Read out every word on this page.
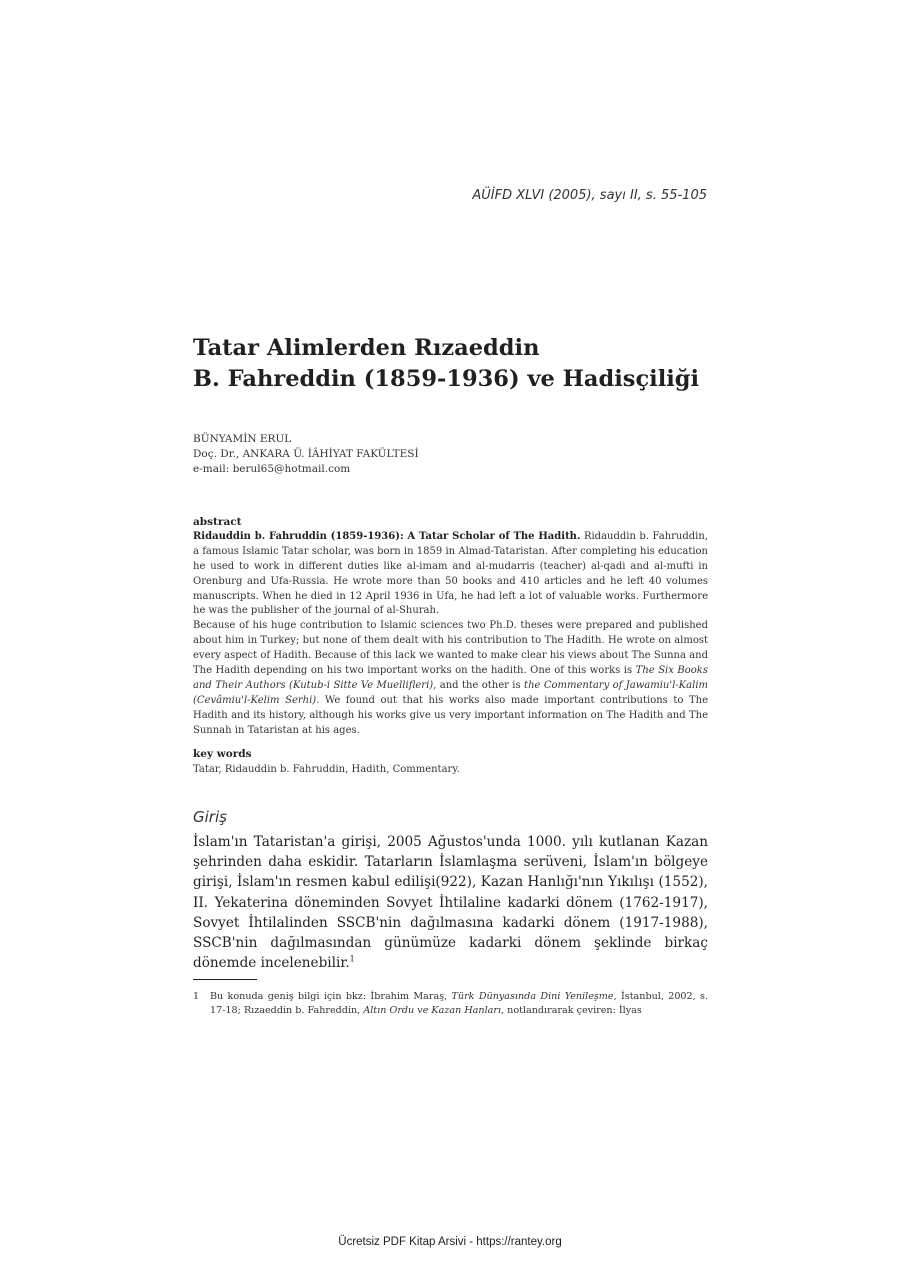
AÜİFD XLVI (2005), sayı II, s. 55-105
Tatar Alimlerden Rızaeddin
B. Fahreddin (1859-1936) ve Hadisçiliği
BÜNYAMİN ERUL
Doç. Dr., ANKARA Ü. İÂHİYAT FAKÜLTESİ
e-mail: berul65@hotmail.com
abstract

Ridauddin b. Fahruddin (1859-1936): A Tatar Scholar of The Hadith. Ridauddin b. Fahruddin, a famous Islamic Tatar scholar, was born in 1859 in Almad-Tataristan. After completing his education he used to work in different duties like al-imam and al-mudarris (teacher) al-qadi and al-mufti in Orenburg and Ufa-Russia. He wrote more than 50 books and 410 articles and he left 40 volumes manuscripts. When he died in 12 April 1936 in Ufa, he had left a lot of valuable works. Furthermore he was the publisher of the journal of al-Shurah.

Because of his huge contribution to Islamic sciences two Ph.D. theses were prepared and published about him in Turkey; but none of them dealt with his contribution to The Hadith. He wrote on almost every aspect of Hadith. Because of this lack we wanted to make clear his views about The Sunna and The Hadith depending on his two important works on the hadith. One of this works is The Six Books and Their Authors (Kutub-i Sitte Ve Muellifleri), and the other is the Commentary of Jawamiu'l-Kalim (Cevâmiu'l-Kelim Serhi). We found out that his works also made important contributions to The Hadith and its history, although his works give us very important information on The Hadith and The Sunnah in Tataristan at his ages.

key words
Tatar, Ridauddin b. Fahruddin, Hadith, Commentary.
Giriş

İslam'ın Tataristan'a girişi, 2005 Ağustos'unda 1000. yılı kutlanan Kazan şehrinden daha eskidir. Tatarların İslamlaşma serüveni, İslam'ın bölgeye girişi, İslam'ın resmen kabul edilişi(922), Kazan Hanlığı'nın Yıkılışı (1552), II. Yekaterina döneminden Sovyet İhtilaline kadarki dönem (1762-1917), Sovyet İhtilalinden SSCB'nin dağılmasına kadarki dönem (1917-1988), SSCB'nin dağılmasından günümüze kadarki dönem şeklinde birkaç dönemde incelenebilir.$^1$

1	Bu konuda geniş bilgi için bkz: İbrahim Maraş, Türk Dünyasında Dini Yenileşme, İstanbul, 2002, s. 17-18; Rızaeddin b. Fahreddin, Altın Ordu ve Kazan Hanları, notlandırarak çeviren: İlyas
Ücretsiz PDF Kitap Arsivi - https://rantey.org
